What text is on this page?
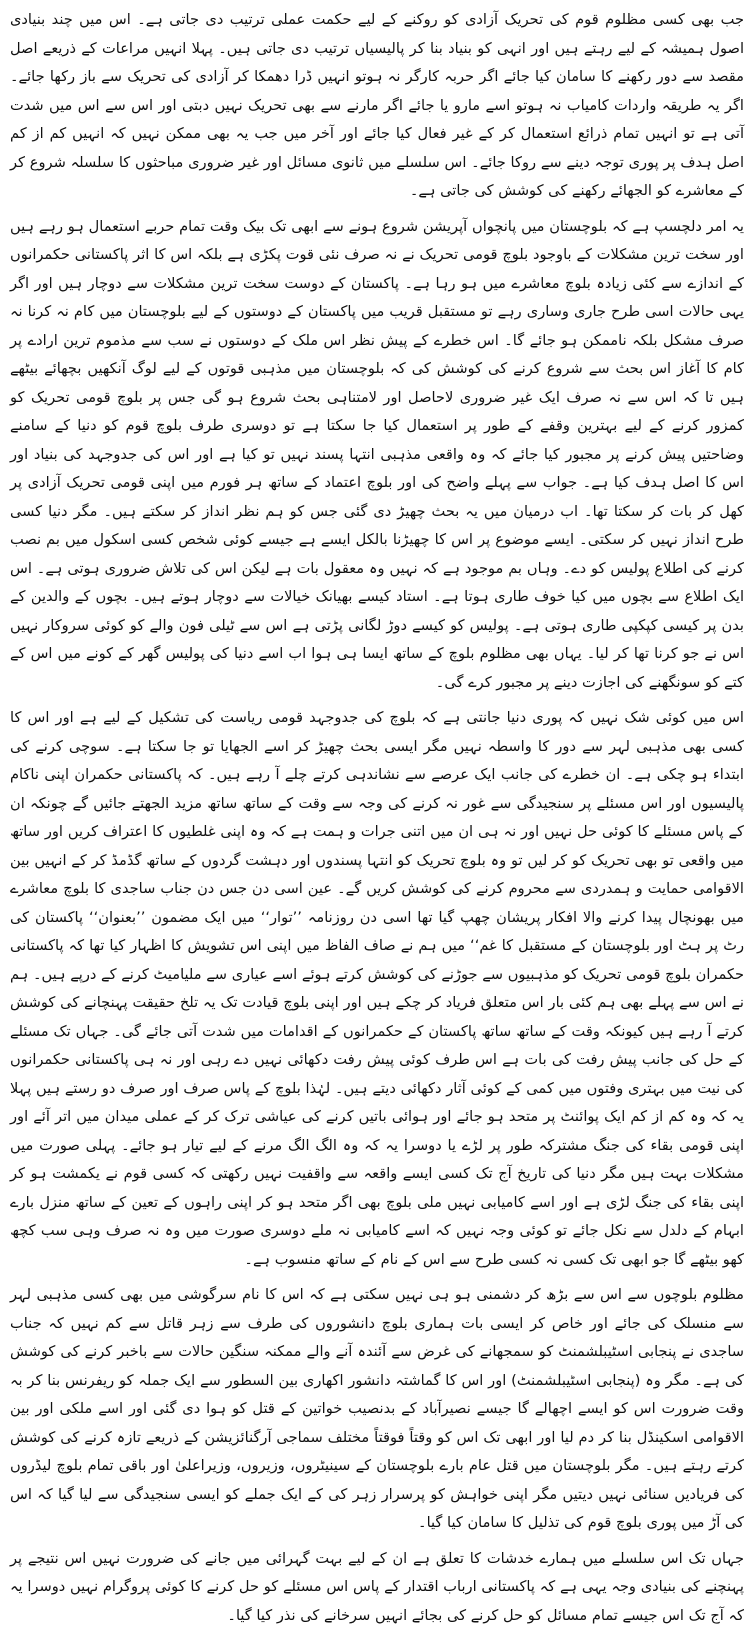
جب بھی کسی مظلوم قوم کی تحریک آزادی کو روکنے کے لیے حکمت عملی ترتیب دی جاتی ہے۔ اس میں چند بنیادی اصول ہمیشہ کے لیے رہتے ہیں اور انہی کو بنیاد بنا کر پالیسیاں ترتیب دی جاتی ہیں۔ پہلا انہیں مراعات کے ذریعے اصل مقصد سے دور رکھنے کا سامان کیا جائے اگر حربہ کارگر نہ ہوتو انہیں ڈرا دھمکا کر آزادی کی تحریک سے باز رکھا جائے۔ اگر یہ طریقہ واردات کامیاب نہ ہوتو اسے مارو یا جائے اگر مارنے سے بھی تحریک نہیں دبتی اور اس سے اس میں شدت آتی ہے تو انہیں تمام ذرائع استعمال کر کے غیر فعال کیا جائے اور آخر میں جب یہ بھی ممکن نہیں کہ انہیں کم از کم اصل ہدف پر پوری توجہ دینے سے روکا جائے۔ اس سلسلے میں ثانوی مسائل اور غیر ضروری مباحثوں کا سلسلہ شروع کر کے معاشرے کو الجھائے رکھنے کی کوشش کی جاتی ہے۔

یہ امر دلچسپ ہے کہ بلوچستان میں پانچواں آپریشن شروع ہونے سے ابھی تک بیک وقت تمام حربے استعمال ہو رہے ہیں اور سخت ترین مشکلات کے باوجود بلوچ قومی تحریک نے نہ صرف نئی قوت پکڑی ہے بلکہ اس کا اثر پاکستانی حکمرانوں کے اندازے سے کئی زیادہ بلوچ معاشرے میں ہو رہا ہے۔ پاکستان کے دوست سخت ترین مشکلات سے دوچار ہیں اور اگر یہی حالات اسی طرح جاری وساری رہے تو مستقبل قریب میں پاکستان کے دوستوں کے لیے بلوچستان میں کام نہ کرنا نہ صرف مشکل بلکہ ناممکن ہو جائے گا۔ اس خطرے کے پیش نظر اس ملک کے دوستوں نے سب سے مذموم ترین ارادے پر کام کا آغاز اس بحث سے شروع کرنے کی کوشش کی کہ بلوچستان میں مذہبی قوتوں کے لیے لوگ آنکھیں بچھائے بیٹھے ہیں تا کہ اس سے نہ صرف ایک غیر ضروری لاحاصل اور لامتناہی بحث شروع ہو گی جس پر بلوچ قومی تحریک کو کمزور کرنے کے لیے بہترین وقفے کے طور پر استعمال کیا جا سکتا ہے تو دوسری طرف بلوچ قوم کو دنیا کے سامنے وضاحتیں پیش کرنے پر مجبور کیا جائے کہ وہ واقعی مذہبی انتہا پسند نہیں تو کیا ہے اور اس کی جدوجہد کی بنیاد اور اس کا اصل ہدف کیا ہے۔ جواب سے پہلے واضح کی اور بلوچ اعتماد کے ساتھ ہر فورم میں اپنی قومی تحریک آزادی پر کھل کر بات کر سکتا تھا۔ اب درمیان میں یہ بحث چھیڑ دی گئی جس کو ہم نظر انداز کر سکتے ہیں۔ مگر دنیا کسی طرح انداز نہیں کر سکتی۔ ایسے موضوع پر اس کا چھیڑنا بالکل ایسے ہے جیسے کوئی شخص کسی اسکول میں بم نصب کرنے کی اطلاع پولیس کو دے۔ وہاں بم موجود ہے کہ نہیں وہ معقول بات ہے لیکن اس کی تلاش ضروری ہوتی ہے۔ اس ایک اطلاع سے بچوں میں کیا خوف طاری ہوتا ہے۔ استاد کیسے بھیانک خیالات سے دوچار ہوتے ہیں۔ بچوں کے والدین کے بدن پر کیسی کپکپی طاری ہوتی ہے۔ پولیس کو کیسے دوڑ لگانی پڑتی ہے اس سے ٹیلی فون والے کو کوئی سروکار نہیں اس نے جو کرنا تھا کر لیا۔ یہاں بھی مظلوم بلوچ کے ساتھ ایسا ہی ہوا اب اسے دنیا کی پولیس گھر کے کونے میں اس کے کتے کو سونگھنے کی اجازت دینے پر مجبور کرے گی۔

اس میں کوئی شک نہیں کہ پوری دنیا جانتی ہے کہ بلوچ کی جدوجہد قومی ریاست کی تشکیل کے لیے ہے اور اس کا کسی بھی مذہبی لہر سے دور کا واسطہ نہیں مگر ایسی بحث چھیڑ کر اسے الجھایا تو جا سکتا ہے۔ سوچی کرنے کی ابتداء ہو چکی ہے۔ ان خطرے کی جانب ایک عرصے سے نشاندہی کرتے چلے آ رہے ہیں۔ کہ پاکستانی حکمران اپنی ناکام پالیسیوں اور اس مسئلے پر سنجیدگی سے غور نہ کرنے کی وجہ سے وقت کے ساتھ ساتھ مزید الجھتے جائیں گے چونکہ ان کے پاس مسئلے کا کوئی حل نہیں اور نہ ہی ان میں اتنی جرات و ہمت ہے کہ وہ اپنی غلطیوں کا اعتراف کریں اور ساتھ میں واقعی تو بھی تحریک کو کر لیں تو وہ بلوچ تحریک کو انتہا پسندوں اور دہشت گردوں کے ساتھ گڈمڈ کر کے انہیں بین الاقوامی حمایت و ہمدردی سے محروم کرنے کی کوشش کریں گے۔ عین اسی دن جس دن جناب ساجدی کا بلوچ معاشرے میں بھونچال پیدا کرنے والا افکار پریشان چھپ گیا تھا اسی دن روزنامہ ’’توار‘‘ میں ایک مضمون ’’بعنوان‘‘ پاکستان کی رٹ پر ہٹ اور بلوچستان کے مستقبل کا غم‘‘ میں ہم نے صاف الفاظ میں اپنی اس تشویش کا اظہار کیا تھا کہ پاکستانی حکمران بلوچ قومی تحریک کو مذہبیوں سے جوڑنے کی کوشش کرتے ہوئے اسے عیاری سے ملیامیٹ کرنے کے درپے ہیں۔ ہم نے اس سے پہلے بھی ہم کئی بار اس متعلق فریاد کر چکے ہیں اور اپنی بلوچ قیادت تک یہ تلخ حقیقت پہنچانے کی کوشش کرتے آ رہے ہیں کیونکہ وقت کے ساتھ ساتھ پاکستان کے حکمرانوں کے اقدامات میں شدت آتی جائے گی۔ جہاں تک مسئلے کے حل کی جانب پیش رفت کی بات ہے اس طرف کوئی پیش رفت دکھائی نہیں دے رہی اور نہ ہی پاکستانی حکمرانوں کی نیت میں بہتری وفتوں میں کمی کے کوئی آثار دکھائی دیتے ہیں۔ لہٰذا بلوچ کے پاس صرف اور صرف دو رستے ہیں پہلا یہ کہ وہ کم از کم ایک پوائنٹ پر متحد ہو جائے اور ہوائی باتیں کرنے کی عیاشی ترک کر کے عملی میدان میں اتر آئے اور اپنی قومی بقاء کی جنگ مشترکہ طور پر لڑے یا دوسرا یہ کہ وہ الگ الگ مرنے کے لیے تیار ہو جائے۔ پہلی صورت میں مشکلات بہت ہیں مگر دنیا کی تاریخ آج تک کسی ایسے واقعہ سے واقفیت نہیں رکھتی کہ کسی قوم نے یکمشت ہو کر اپنی بقاء کی جنگ لڑی ہے اور اسے کامیابی نہیں ملی بلوچ بھی اگر متحد ہو کر اپنی راہوں کے تعین کے ساتھ منزل بارے ابہام کے دلدل سے نکل جائے تو کوئی وجہ نہیں کہ اسے کامیابی نہ ملے دوسری صورت میں وہ نہ صرف وہی سب کچھ کھو بیٹھے گا جو ابھی تک کسی نہ کسی طرح سے اس کے نام کے ساتھ منسوب ہے۔

مظلوم بلوچوں سے اس سے بڑھ کر دشمنی ہو ہی نہیں سکتی ہے کہ اس کا نام سرگوشی میں بھی کسی مذہبی لہر سے منسلک کی جائے اور خاص کر ایسی بات ہماری بلوچ دانشوروں کی طرف سے زہر قاتل سے کم نہیں کہ جناب ساجدی نے پنجابی اسٹیبلشمنٹ کو سمجھانے کی غرض سے آئندہ آنے والے ممکنہ سنگین حالات سے باخبر کرنے کی کوشش کی ہے۔ مگر وہ (پنجابی اسٹیبلشمنٹ) اور اس کا گماشتہ دانشور اکھاری بین السطور سے ایک جملہ کو ریفرنس بنا کر بہ وقت ضرورت اس کو ایسے اچھالے گا جیسے نصیرآباد کے بدنصیب خواتین کے قتل کو ہوا دی گئی اور اسے ملکی اور بین الاقوامی اسکینڈل بنا کر دم لیا اور ابھی تک اس کو وقتاً فوقتاً مختلف سماجی آرگنائزیشن کے ذریعے تازہ کرنے کی کوشش کرتے رہتے ہیں۔ مگر بلوچستان میں قتل عام بارے بلوچستان کے سینیٹروں، وزیروں، وزیراعلیٰ اور باقی تمام بلوچ لیڈروں کی فریادیں سنائی نہیں دیتیں مگر اپنی خواہش کو پرسرار زہر کی کے ایک جملے کو ایسی سنجیدگی سے لیا گیا کہ اس کی آڑ میں پوری بلوچ قوم کی تذلیل کا سامان کیا گیا۔

جہاں تک اس سلسلے میں ہمارے خدشات کا تعلق ہے ان کے لیے بہت گہرائی میں جانے کی ضرورت نہیں اس نتیجے پر پہنچنے کی بنیادی وجہ یہی ہے کہ پاکستانی ارباب اقتدار کے پاس اس مسئلے کو حل کرنے کا کوئی پروگرام نہیں دوسرا یہ کہ آج تک اس جیسے تمام مسائل کو حل کرنے کی بجائے انہیں سرخانے کی نذر کیا گیا۔
